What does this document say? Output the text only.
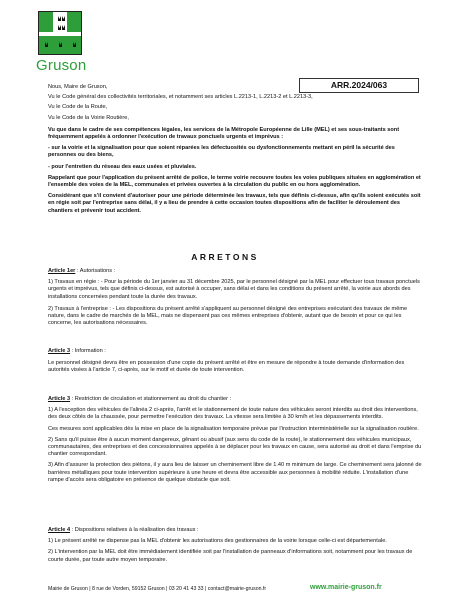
Gruson
ARR.2024/063

Nous, Maire de Gruson,

Vu le Code général des collectivités territoriales, et notamment ses articles L.2213-1, L.2213-2 et L.2213-3,

Vu le Code de la Route,

Vu le Code de la Voirie Routière,

Vu que dans le cadre de ses compétences légales, les services de la Métropole Européenne de Lille (MEL) et ses sous-traitants sont fréquemment appelés à ordonner l'exécution de travaux ponctuels urgents et imprévus :

- sur la voirie et la signalisation pour que soient réparées les défectuosités ou dysfonctionnements mettant en péril la sécurité des personnes ou des biens,

- pour l'entretien du réseau des eaux usées et pluviales.

Rappelant que pour l'application du présent arrêté de police, le terme voirie recouvre toutes les voies publiques situées en agglomération et l'ensemble des voies de la MEL, communales et privées ouvertes à la circulation du public en ou hors agglomération.

Considérant que s'il convient d'autoriser pour une période déterminée les travaux, tels que définis ci-dessus, afin qu'ils soient exécutés soit en régie soit par l'entreprise sans délai, il y a lieu de prendre à cette occasion toutes dispositions afin de faciliter le déroulement des chantiers et prévenir tout accident.

ARRETONS

Article 1er : Autorisations :

1) Travaux en régie : - Pour la période du 1er janvier au 31 décembre 2025, par le personnel désigné par la MEL pour effectuer tous travaux ponctuels urgents et imprévus, tels que définis ci-dessus, est autorisé à occuper, sans délai et dans les conditions du présent arrêté, la voirie aux abords des installations concernées pendant toute la durée des travaux.

2) Travaux à l'entreprise : - Les dispositions du présent arrêté s'appliquent au personnel désigné des entreprises exécutant des travaux de même nature, dans le cadre de marchés de la MEL, mais ne dispensent pas ces mêmes entreprises d'obtenir, autant que de besoin et pour ce qui les concerne, les autorisations nécessaires.

Article 3 : Information :

Le personnel désigné devra être en possession d'une copie du présent arrêté et être en mesure de répondre à toute demande d'information des autorités visées à l'article 7, ci-après, sur le motif et durée de toute intervention.

Article 3 : Restriction de circulation et stationnement au droit du chantier :

1) A l'exception des véhicules de l'alinéa 2 ci-après, l'arrêt et le stationnement de toute nature des véhicules seront interdits au droit des interventions, des deux côtés de la chaussée, pour permettre l'exécution des travaux. La vitesse sera limitée à 30 km/h et les dépassements interdits.

Ces mesures sont applicables dès la mise en place de la signalisation temporaire prévue par l'instruction interministérielle sur la signalisation routière.

2) Sans qu'il puisse être à aucun moment dangereux, gênant ou abusif (aux sens du code de la route), le stationnement des véhicules municipaux, communautaires, des entreprises et des concessionnaires appelés à se déplacer pour les travaux en cause, sera autorisé au droit et dans l'emprise du chantier correspondant.

3) Afin d'assurer la protection des piétons, il y aura lieu de laisser un cheminement libre de 1.40 m minimum de large. Ce cheminement sera jalonné de barrières métalliques pour toute intervention supérieure à une heure et devra être accessible aux personnes à mobilité réduite. L'installation d'une rampe d'accès sera obligatoire en présence de quelque obstacle que soit.

Article 4 : Dispositions relatives à la réalisation des travaux :

1) Le présent arrêté ne dispense pas la MEL d'obtenir les autorisations des gestionnaires de la voirie lorsque celle-ci est départementale.

2) L'intervention par la MEL doit être immédiatement identifiée soit par l'installation de panneaux d'informations soit, notamment pour les travaux de courte durée, par toute autre moyen temporaire.

Mairie de Gruson | 8 rue de Vorden, 59152 Gruson | 03 20 41 43 33 | contact@mairie-gruson.fr	www.mairie-gruson.fr
